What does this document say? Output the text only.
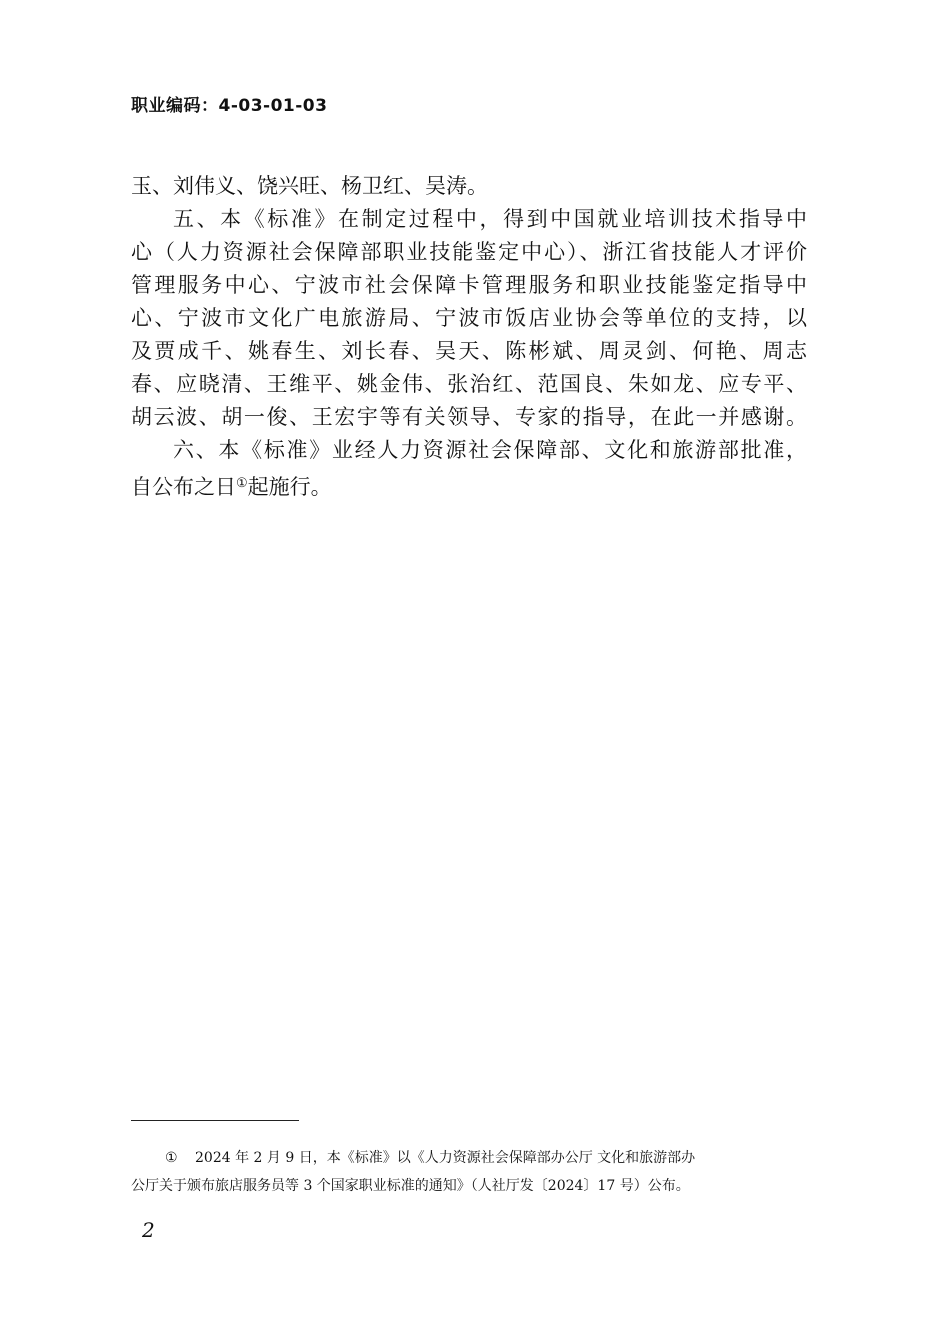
职业编码：4-03-01-03
玉、刘伟义、饶兴旺、杨卫红、吴涛。
五、本《标准》在制定过程中，得到中国就业培训技术指导中
心（人力资源社会保障部职业技能鉴定中心）、浙江省技能人才评价
管理服务中心、宁波市社会保障卡管理服务和职业技能鉴定指导中
心、宁波市文化广电旅游局、宁波市饭店业协会等单位的支持，以
及贾成千、姚春生、刘长春、吴天、陈彬斌、周灵剑、何艳、周志
春、应晓清、王维平、姚金伟、张治红、范国良、朱如龙、应专平、
胡云波、胡一俊、王宏宇等有关领导、专家的指导，在此一并感谢。
六、本《标准》业经人力资源社会保障部、文化和旅游部批准，
自公布之日①起施行。
① 2024 年 2 月 9 日，本《标准》以《人力资源社会保障部办公厅 文化和旅游部办
公厅关于颁布旅店服务员等 3 个国家职业标准的通知》（人社厅发〔2024〕17 号）公布。
2
